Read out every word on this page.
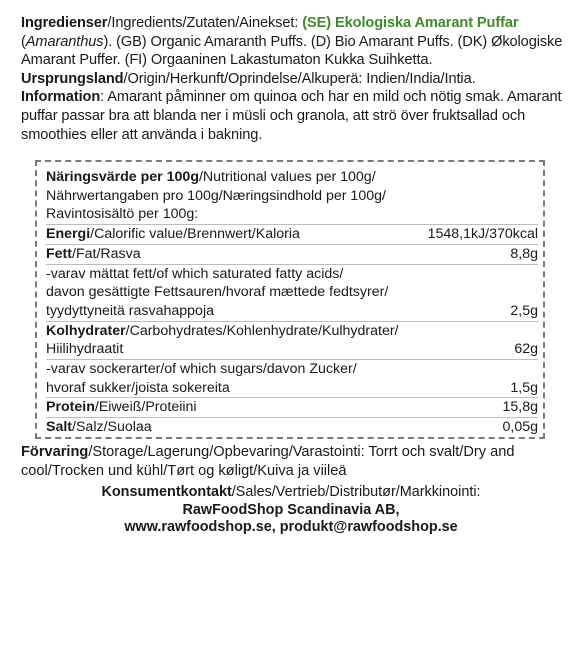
Ingredienser/Ingredients/Zutaten/Ainekset: (SE) Ekologiska Amarant Puffar (Amaranthus). (GB) Organic Amaranth Puffs. (D) Bio Amarant Puffs. (DK) Økologiske Amarant Puffer. (FI) Orgaaninen Lakastumaton Kukka Suihketta. Ursprungsland/Origin/Herkunft/Oprindelse/Alkuperä: Indien/India/Intia.
Information: Amarant påminner om quinoa och har en mild och nötig smak. Amarant puffar passar bra att blanda ner i müsli och granola, att strö över fruktsallad och smoothies eller att använda i bakning.
Näringsvärde per 100g/Nutritional values per 100g/
Nährwertangaben pro 100g/Næringsindhold per 100g/
Ravintosisältö per 100g:
Energi/Calorific value/Brennwert/Kaloria	1548,1kJ/370kcal
Fett/Fat/Rasva	8,8g
-varav mättat fett/of which saturated fatty acids/
davon gesättigte Fettsauren/hvoraf mættede fedtsyrer/
tyydyttyneitä rasvahappoja	2,5g
Kolhydrater/Carbohydrates/Kohlenhydrate/Kulhydrater/
Hiilihydraatit	62g
-varav sockerarter/of which sugars/davon Zucker/
hvoraf sukker/joista sokereita	1,5g
Protein/Eiweiß/Proteiini	15,8g
Salt/Salz/Suolaa	0,05g
Förvaring/Storage/Lagerung/Opbevaring/Varastointi: Torrt och svalt/Dry and cool/Trocken und kühl/Tørt og køligt/Kuiva ja viileä
Konsumentkontakt/Sales/Vertrieb/Distributør/Markkinointi:
RawFoodShop Scandinavia AB,
www.rawfoodshop.se, produkt@rawfoodshop.se
